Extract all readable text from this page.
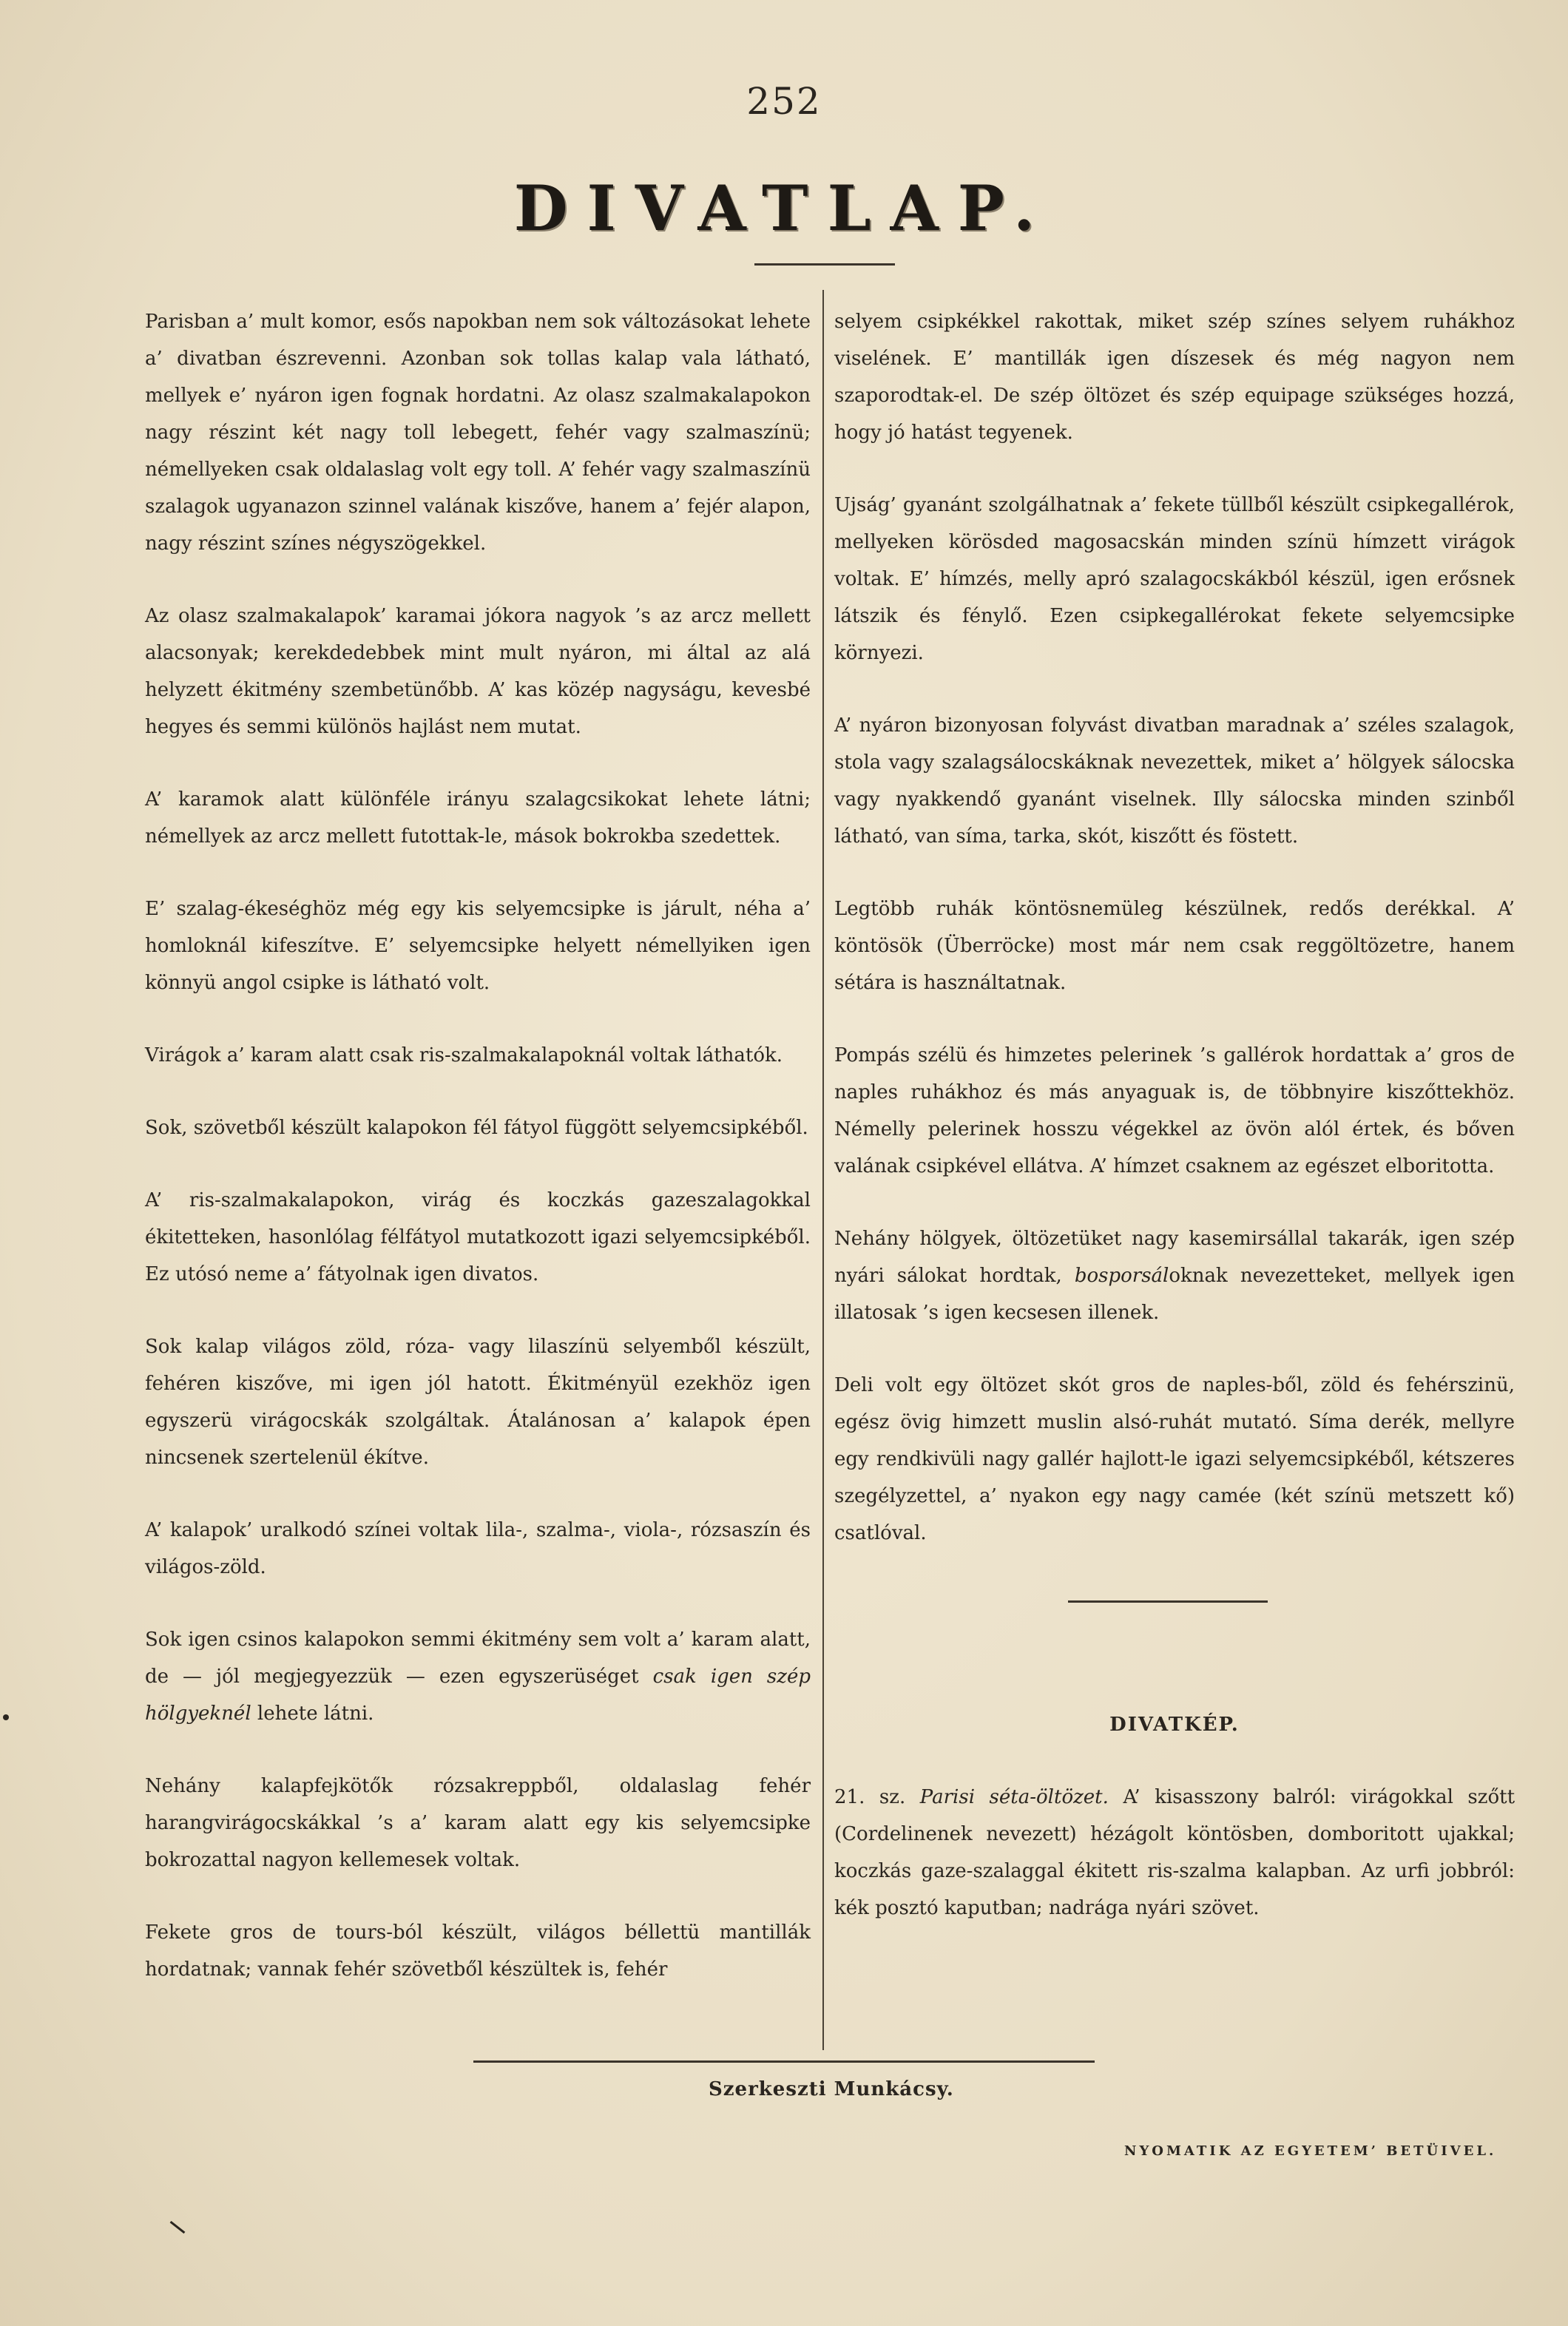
252
DIVATLAP.

Parisban a’ mult komor, esős napokban nem sok változásokat lehete a’ divatban észrevenni. Azonban sok tollas kalap vala látható, mellyek e’ nyáron igen fognak hordatni. Az olasz szalmakalapokon nagy részint két nagy toll lebegett, fehér vagy szalmaszínü; némellyeken csak oldalaslag volt egy toll. A’ fehér vagy szalmaszínü szalagok ugyanazon szinnel valának kiszőve, hanem a’ fejér alapon, nagy részint színes négyszögekkel.

Az olasz szalmakalapok’ karamai jókora nagyok ’s az arcz mellett alacsonyak; kerekdedebbek mint mult nyáron, mi által az alá helyzett ékitmény szembetünőbb. A’ kas közép nagyságu, kevesbé hegyes és semmi különös hajlást nem mutat.

A’ karamok alatt különféle irányu szalagcsikokat lehete látni; némellyek az arcz mellett futottak-le, mások bokrokba szedettek.

E’ szalag-ékeséghöz még egy kis selyemcsipke is járult, néha a’ homloknál kifeszítve. E’ selyemcsipke helyett némellyiken igen könnyü angol csipke is látható volt.

Virágok a’ karam alatt csak ris-szalmakalapoknál voltak láthatók.

Sok, szövetből készült kalapokon fél fátyol függött selyemcsipkéből.

A’ ris-szalmakalapokon, virág és koczkás gazeszalagokkal ékitetteken, hasonlólag félfátyol mutatkozott igazi selyemcsipkéből. Ez utósó neme a’ fátyolnak igen divatos.

Sok kalap világos zöld, róza- vagy lilaszínü selyemből készült, fehéren kiszőve, mi igen jól hatott. Ékitményül ezekhöz igen egyszerü virágocskák szolgáltak. Átalánosan a’ kalapok épen nincsenek szertelenül ékítve.

A’ kalapok’ uralkodó színei voltak lila-, szalma-, viola-, rózsaszín és világos-zöld.

Sok igen csinos kalapokon semmi ékitmény sem volt a’ karam alatt, de — jól megjegyezzük — ezen egyszerüséget csak igen szép hölgyeknél lehete látni.

Nehány kalapfejkötők rózsakreppből, oldalaslag fehér harangvirágocskákkal ’s a’ karam alatt egy kis selyemcsipke bokrozattal nagyon kellemesek voltak.

Fekete gros de tours-ból készült, világos béllettü mantillák hordatnak; vannak fehér szövetből készültek is, fehér

selyem csipkékkel rakottak, miket szép színes selyem ruhákhoz viselének. E’ mantillák igen díszesek és még nagyon nem szaporodtak-el. De szép öltözet és szép equipage szükséges hozzá, hogy jó hatást tegyenek.

Ujság’ gyanánt szolgálhatnak a’ fekete tüllből készült csipkegallérok, mellyeken körösded magosacskán minden színü hímzett virágok voltak. E’ hímzés, melly apró szalagocskákból készül, igen erősnek látszik és fénylő. Ezen csipkegallérokat fekete selyemcsipke környezi.

A’ nyáron bizonyosan folyvást divatban maradnak a’ széles szalagok, stola vagy szalagsálocskáknak nevezettek, miket a’ hölgyek sálocska vagy nyakkendő gyanánt viselnek. Illy sálocska minden szinből látható, van síma, tarka, skót, kiszőtt és föstett.

Legtöbb ruhák köntösnemüleg készülnek, redős derékkal. A’ köntösök (Überröcke) most már nem csak reggöltözetre, hanem sétára is használtatnak.

Pompás szélü és himzetes pelerinek ’s gallérok hordattak a’ gros de naples ruhákhoz és más anyaguak is, de többnyire kiszőttekhöz. Némelly pelerinek hosszu végekkel az övön alól értek, és bőven valának csipkével ellátva. A’ hímzet csaknem az egészet elboritotta.

Nehány hölgyek, öltözetüket nagy kasemirsállal takarák, igen szép nyári sálokat hordtak, bosporsáloknak nevezetteket, mellyek igen illatosak ’s igen kecsesen illenek.

Deli volt egy öltözet skót gros de naples-ből, zöld és fehérszinü, egész övig himzett muslin alsó-ruhát mutató. Síma derék, mellyre egy rendkivüli nagy gallér hajlott-le igazi selyemcsipkéből, kétszeres szegélyzettel, a’ nyakon egy nagy camée (két színü metszett kő) csatlóval.

DIVATKÉP.

21. sz. Parisi séta-öltözet. A’ kisasszony balról: virágokkal szőtt (Cordelinenek nevezett) hézágolt köntösben, domboritott ujakkal; koczkás gaze-szalaggal ékitett ris-szalma kalapban. Az urfi jobbról: kék posztó kaputban; nadrága nyári szövet.

Szerkeszti Munkácsy.
NYOMATIK AZ EGYETEM’ BETÜIVEL.
